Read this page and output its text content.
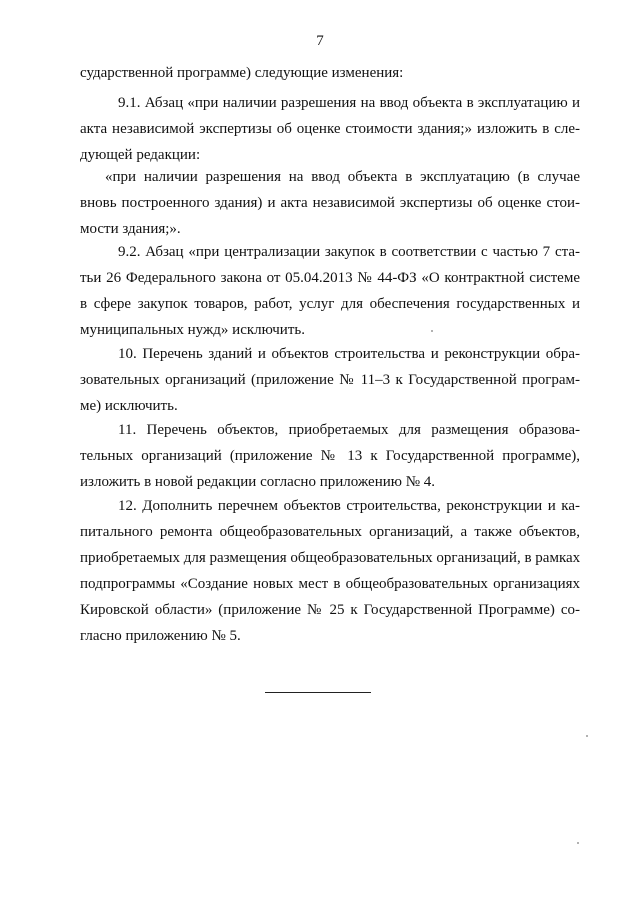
7
сударственной программе) следующие изменения:
9.1. Абзац «при наличии разрешения на ввод объекта в эксплуатацию и
акта независимой экспертизы об оценке стоимости здания;» изложить в сле-
дующей редакции:
«при наличии разрешения на ввод объекта в эксплуатацию (в случае
вновь построенного здания) и акта независимой экспертизы об оценке стои-
мости здания;».
9.2. Абзац «при централизации закупок в соответствии с частью 7 ста-
тьи 26 Федерального закона от 05.04.2013 № 44-ФЗ «О контрактной системе
в сфере закупок товаров, работ, услуг для обеспечения государственных и
муниципальных нужд» исключить.
10. Перечень зданий и объектов строительства и реконструкции обра-
зовательных организаций (приложение № 11–3 к Государственной програм-
ме) исключить.
11. Перечень объектов, приобретаемых для размещения образова-
тельных организаций (приложение № 13 к Государственной программе),
изложить в новой редакции согласно приложению № 4.
12. Дополнить перечнем объектов строительства, реконструкции и ка-
питального ремонта общеобразовательных организаций, а также объектов,
приобретаемых для размещения общеобразовательных организаций, в рамках
подпрограммы «Создание новых мест в общеобразовательных организациях
Кировской области» (приложение № 25 к Государственной Программе) со-
гласно приложению № 5.
